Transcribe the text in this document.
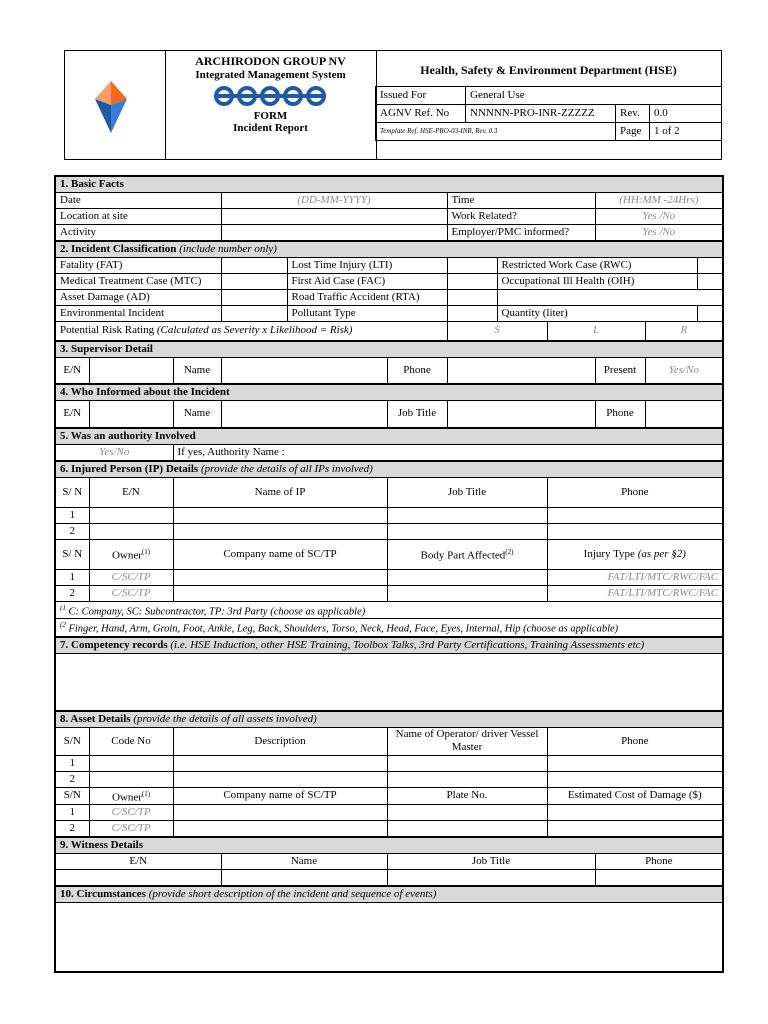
ARCHIRODON GROUP NV
Integrated Management System
FORM
Incident Report
Health, Safety & Environment Department (HSE)
Issued For	General Use		
AGNV Ref. No	NNNNN-PRO-INR-ZZZZZ	Rev.	0.0
Template Ref. HSE-PRO-03-INR, Rev. 0.3		Page	1 of 2
1. Basic Facts											
Date			(DD-MM-YYYY)			Time			(HH:MM -24Hrs)		
Location at site						Work Related?			Yes /No		
Activity						Employer/PMC informed?			Yes /No		
2. Incident Classification (include number only)											
Fatality (FAT)				Lost Time Injury (LTI)			Restricted Work Case (RWC)				
Medical Treatment Case (MTC)				First Aid Case (FAC)			Occupational Ill Health (OIH)				
Asset Damage (AD)				Road Traffic Accident (RTA)							
Environmental Incident				Pollutant Type			Quantity (liter)				
Potential Risk Rating (Calculated as Severity x Likelihood = Risk)						S		L		R	
3. Supervisor Detail											
E/N		Name			Phone				Present	Yes/No	
4. Who Informed about the Incident											
E/N		Name			Job Title				Phone		
5. Was an authority Involved											
Yes/No		If yes, Authority Name :									
6. Injured Person (IP) Details (provide the details of all IPs involved)											
S/ N	E/N	Name of IP			Job Title			Phone			
1											
2											
S/ N	Owner$^{(1)}$	Company name of SC/TP			Body Part Affected$^{(2)}$			Injury Type (as per §2)			
1	C/SC/TP							FAT/LTI/MTC/RWC/FAC			
2	C/SC/TP							FAT/LTI/MTC/RWC/FAC			
$^{(1}$ C: Company, SC: Subcontractor, TP: 3rd Party (choose as applicable)											
$^{(2}$ Finger, Hand, Arm, Groin, Foot, Ankle, Leg, Back, Shoulders, Torso, Neck, Head, Face, Eyes, Internal, Hip (choose as applicable)											
7. Competency records (i.e. HSE Induction, other HSE Training, Toolbox Talks, 3rd Party Certifications, Training Assessments etc)											

8. Asset Details (provide the details of all assets involved)											
S/N	Code No	Description			Name of Operator/ driver Vessel Master			Phone			
1											
2											
S/N	Owner$^{(1)}$	Company name of SC/TP			Plate No.			Estimated Cost of Damage ($)			
1	C/SC/TP										
2	C/SC/TP										
9. Witness Details											
E/N			Name		Job Title				Phone		

10. Circumstances (provide short description of the incident and sequence of events)											
